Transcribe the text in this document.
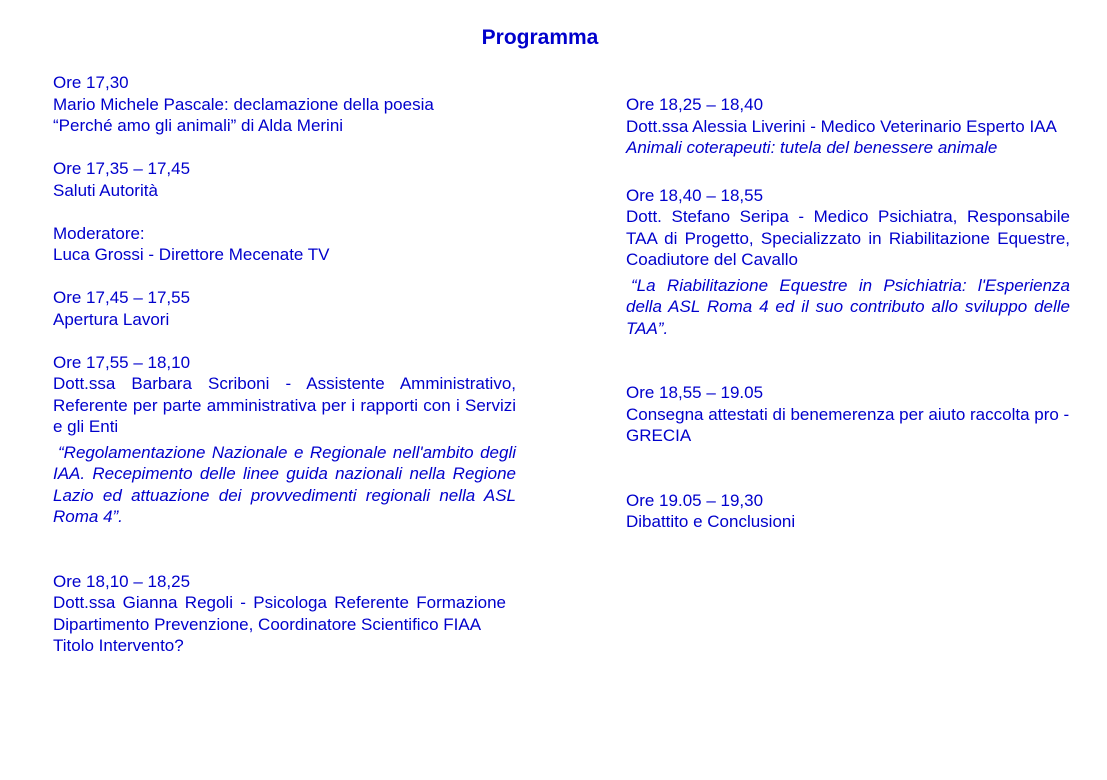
Programma

Ore 17,30

Mario Michele Pascale: declamazione della poesia

“Perché amo gli animali” di Alda Merini

Ore 17,35 – 17,45

Saluti Autorità

Moderatore:

Luca Grossi - Direttore Mecenate TV

Ore 17,45 – 17,55

Apertura Lavori

Ore 17,55 – 18,10

Dott.ssa Barbara Scriboni - Assistente Amministrativo, Referente per parte amministrativa per i rapporti con i Servizi e gli Enti

“Regolamentazione Nazionale e Regionale nell'ambito degli IAA. Recepimento delle linee guida nazionali nella Regione Lazio ed attuazione dei provvedimenti regionali nella ASL Roma 4”.

Ore 18,10 – 18,25

Dott.ssa Gianna Regoli - Psicologa Referente Formazione Dipartimento Prevenzione, Coordinatore Scientifico FIAA

Titolo Intervento?

Ore 18,25 – 18,40

Dott.ssa Alessia Liverini - Medico Veterinario Esperto IAA

Animali coterapeuti: tutela del benessere animale

Ore 18,40 – 18,55

Dott. Stefano Seripa - Medico Psichiatra, Responsabile TAA di Progetto, Specializzato in Riabilitazione Equestre, Coadiutore del Cavallo

“La Riabilitazione Equestre in Psichiatria: l'Esperienza della ASL Roma 4 ed il suo contributo allo sviluppo delle TAA”.

Ore 18,55 – 19.05

Consegna attestati di benemerenza per aiuto raccolta pro - GRECIA

Ore 19.05 – 19,30

Dibattito e Conclusioni
